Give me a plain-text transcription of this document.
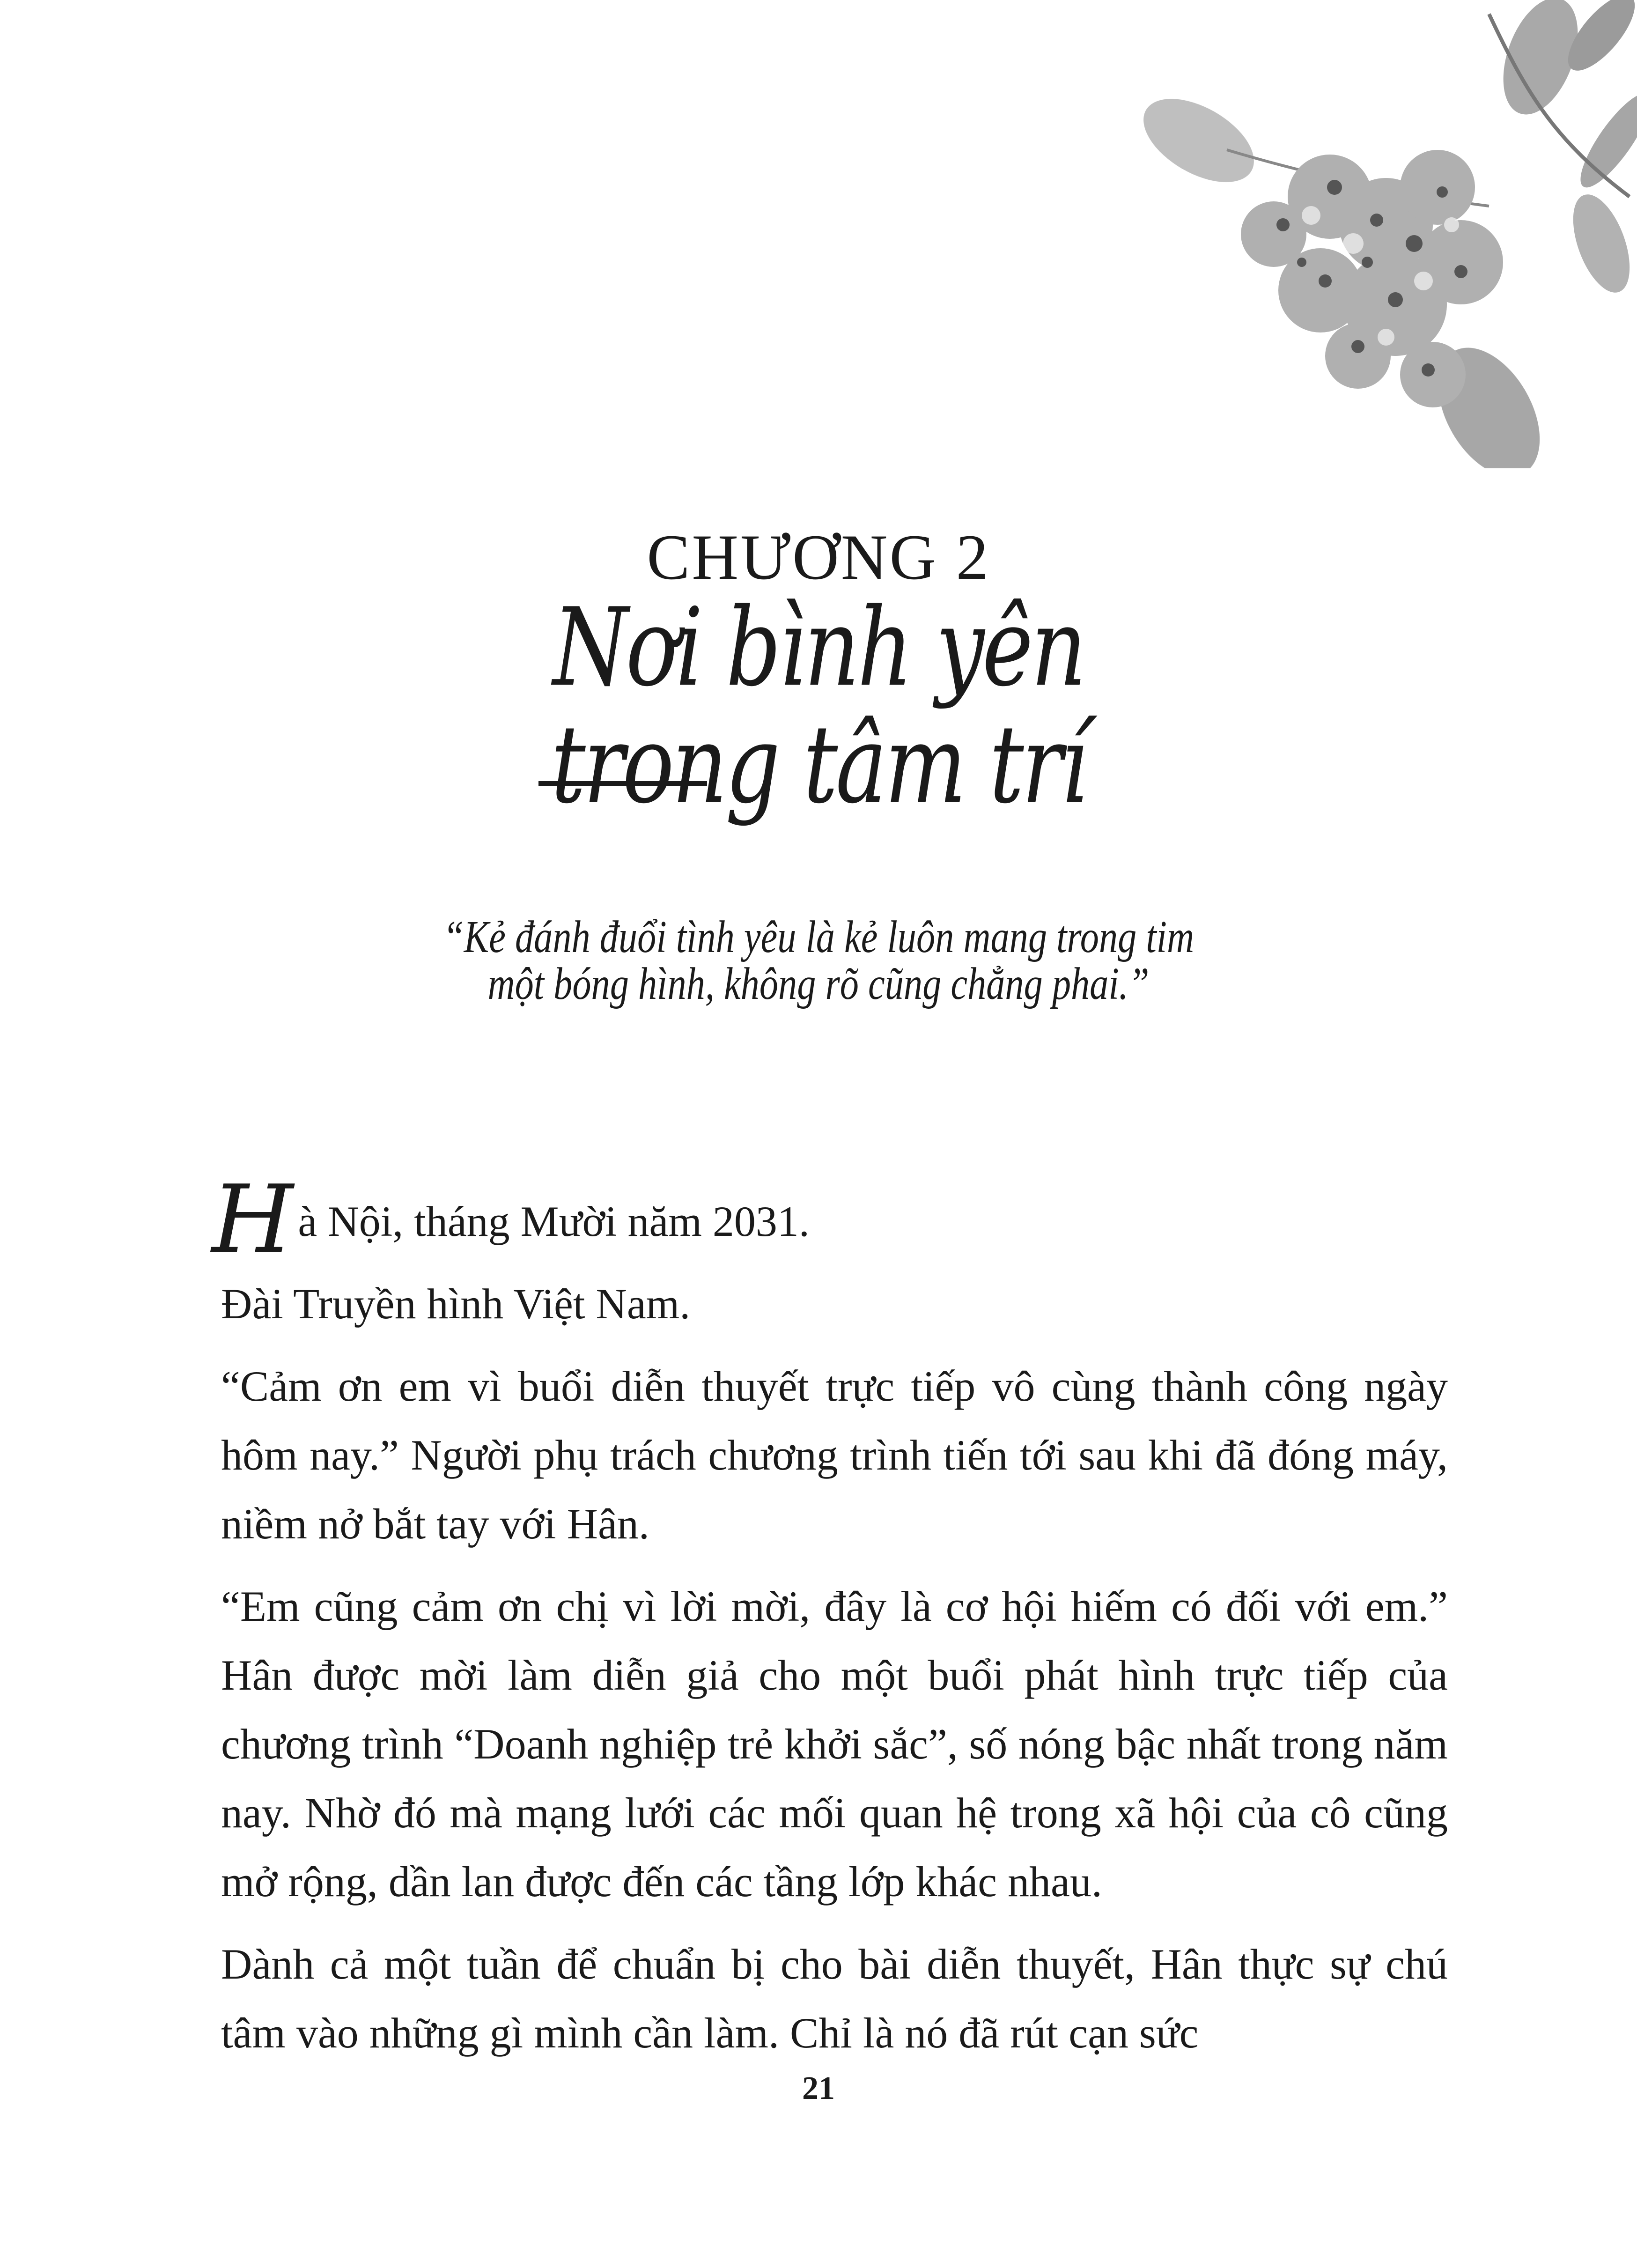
CHƯƠNG 2
Nơi bình yên
trong tâm trí
“Kẻ đánh đuổi tình yêu là kẻ luôn mang trong tim
một bóng hình, không rõ cũng chẳng phai.”

Hà Nội, tháng Mười năm 2031.

Đài Truyền hình Việt Nam.

“Cảm ơn em vì buổi diễn thuyết trực tiếp vô cùng thành công ngày hôm nay.” Người phụ trách chương trình tiến tới sau khi đã đóng máy, niềm nở bắt tay với Hân.

“Em cũng cảm ơn chị vì lời mời, đây là cơ hội hiếm có đối với em.” Hân được mời làm diễn giả cho một buổi phát hình trực tiếp của chương trình “Doanh nghiệp trẻ khởi sắc”, số nóng bậc nhất trong năm nay. Nhờ đó mà mạng lưới các mối quan hệ trong xã hội của cô cũng mở rộng, dần lan được đến các tầng lớp khác nhau.

Dành cả một tuần để chuẩn bị cho bài diễn thuyết, Hân thực sự chú tâm vào những gì mình cần làm. Chỉ là nó đã rút cạn sức

21
